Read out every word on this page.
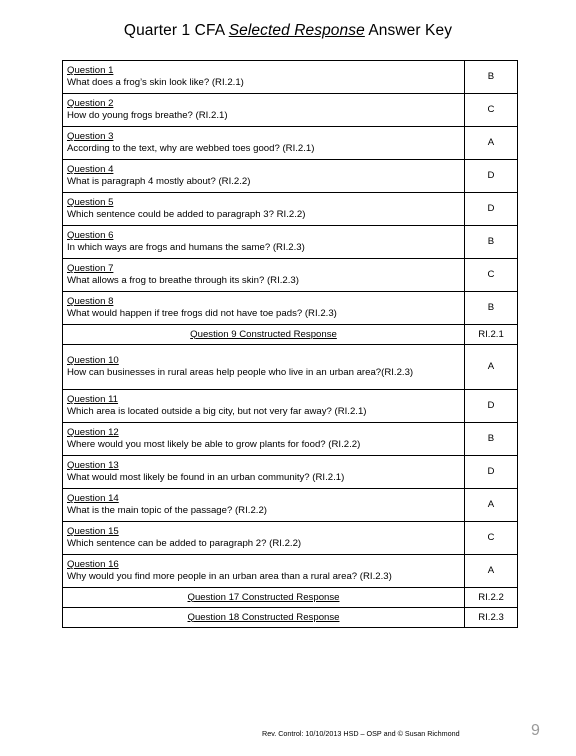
Quarter 1 CFA Selected Response Answer Key
Question 1
What does a frog’s skin look like? (RI.2.1)	B

Question 2
How do young frogs breathe? (RI.2.1)	C

Question 3
According to the text, why are webbed toes good? (RI.2.1)	A

Question 4
What is paragraph 4 mostly about? (RI.2.2)	D

Question 5
Which sentence could be added to paragraph 3? RI.2.2)	D

Question 6
In which ways are frogs and humans the same? (RI.2.3)	B

Question 7
What allows a frog to breathe through its skin? (RI.2.3)	C

Question 8
What would happen if tree frogs did not have toe pads? (RI.2.3)	B
Question 9 Constructed Response	RI.2.1

Question 10
How can businesses in rural areas help people who live in an urban area?(RI.2.3)	A

Question 11
Which area is located outside a big city, but not very far away? (RI.2.1)	D

Question 12
Where would you most likely be able to grow plants for food? (RI.2.2)	B

Question 13
What would most likely be found in an urban community? (RI.2.1)	D

Question 14
What is the main topic of the passage? (RI.2.2)	A

Question 15
Which sentence can be added to paragraph 2? (RI.2.2)	C

Question 16
Why would you find more people in an urban area than a rural area? (RI.2.3)	A
Question 17 Constructed Response	RI.2.2
Question 18 Constructed Response	RI.2.3
Rev. Control: 10/10/2013 HSD – OSP and © Susan Richmond	9
